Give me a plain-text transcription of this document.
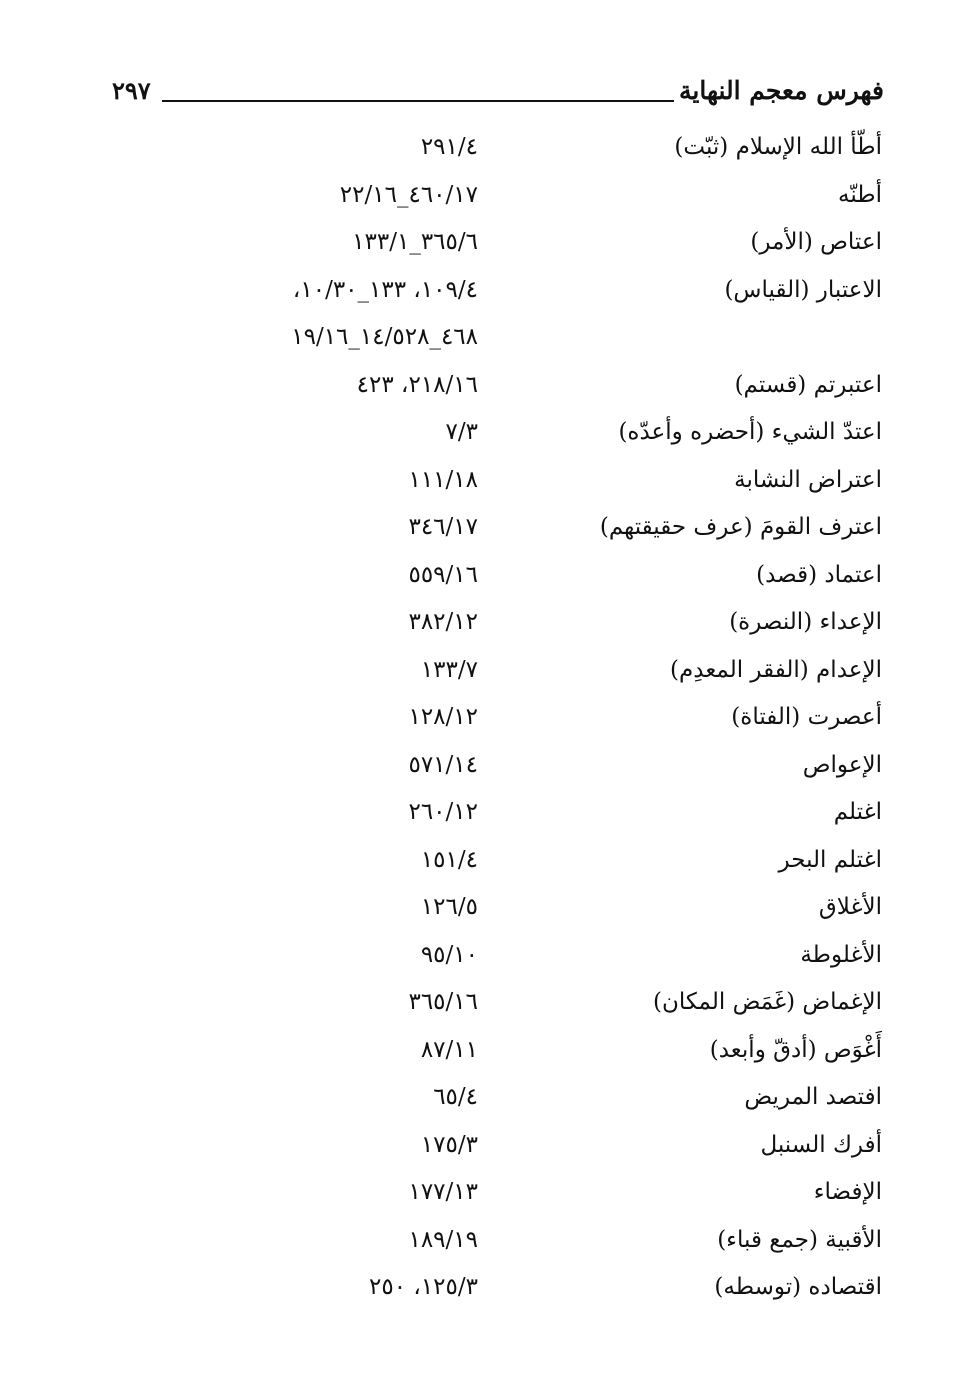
فهرس معجم النهاية
٢٩٧
أطّأ الله الإسلام (ثبّت)
٢٩١/٤
أطنّه
٤٦٠/١٧_٢٢/١٦
اعتاص (الأمر)
٣٦٥/٦_١٣٣/١
الاعتبار (القياس)
١٠٩/٤، ١٣٣_١٠/٣٠،
٤٦٨_١٤/٥٢٨_١٩/١٦
اعتبرتم (قستم)
٢١٨/١٦، ٤٢٣
اعتدّ الشيء (أحضره وأعدّه)
٧/٣
اعتراض النشابة
١١١/١٨
اعترف القومَ (عرف حقيقتهم)
٣٤٦/١٧
اعتماد (قصد)
٥٥٩/١٦
الإعداء (النصرة)
٣٨٢/١٢
الإعدام (الفقر المعدِم)
١٣٣/٧
أعصرت (الفتاة)
١٢٨/١٢
الإعواص
٥٧١/١٤
اغتلم
٢٦٠/١٢
اغتلم البحر
١٥١/٤
الأغلاق
١٢٦/٥
الأغلوطة
٩٥/١٠
الإغماض (غَمَض المكان)
٣٦٥/١٦
أَغْوَص (أدقّ وأبعد)
٨٧/١١
افتصد المريض
٦٥/٤
أفرك السنبل
١٧٥/٣
الإفضاء
١٧٧/١٣
الأقبية (جمع قباء)
١٨٩/١٩
اقتصاده (توسطه)
١٢٥/٣، ٢٥٠
